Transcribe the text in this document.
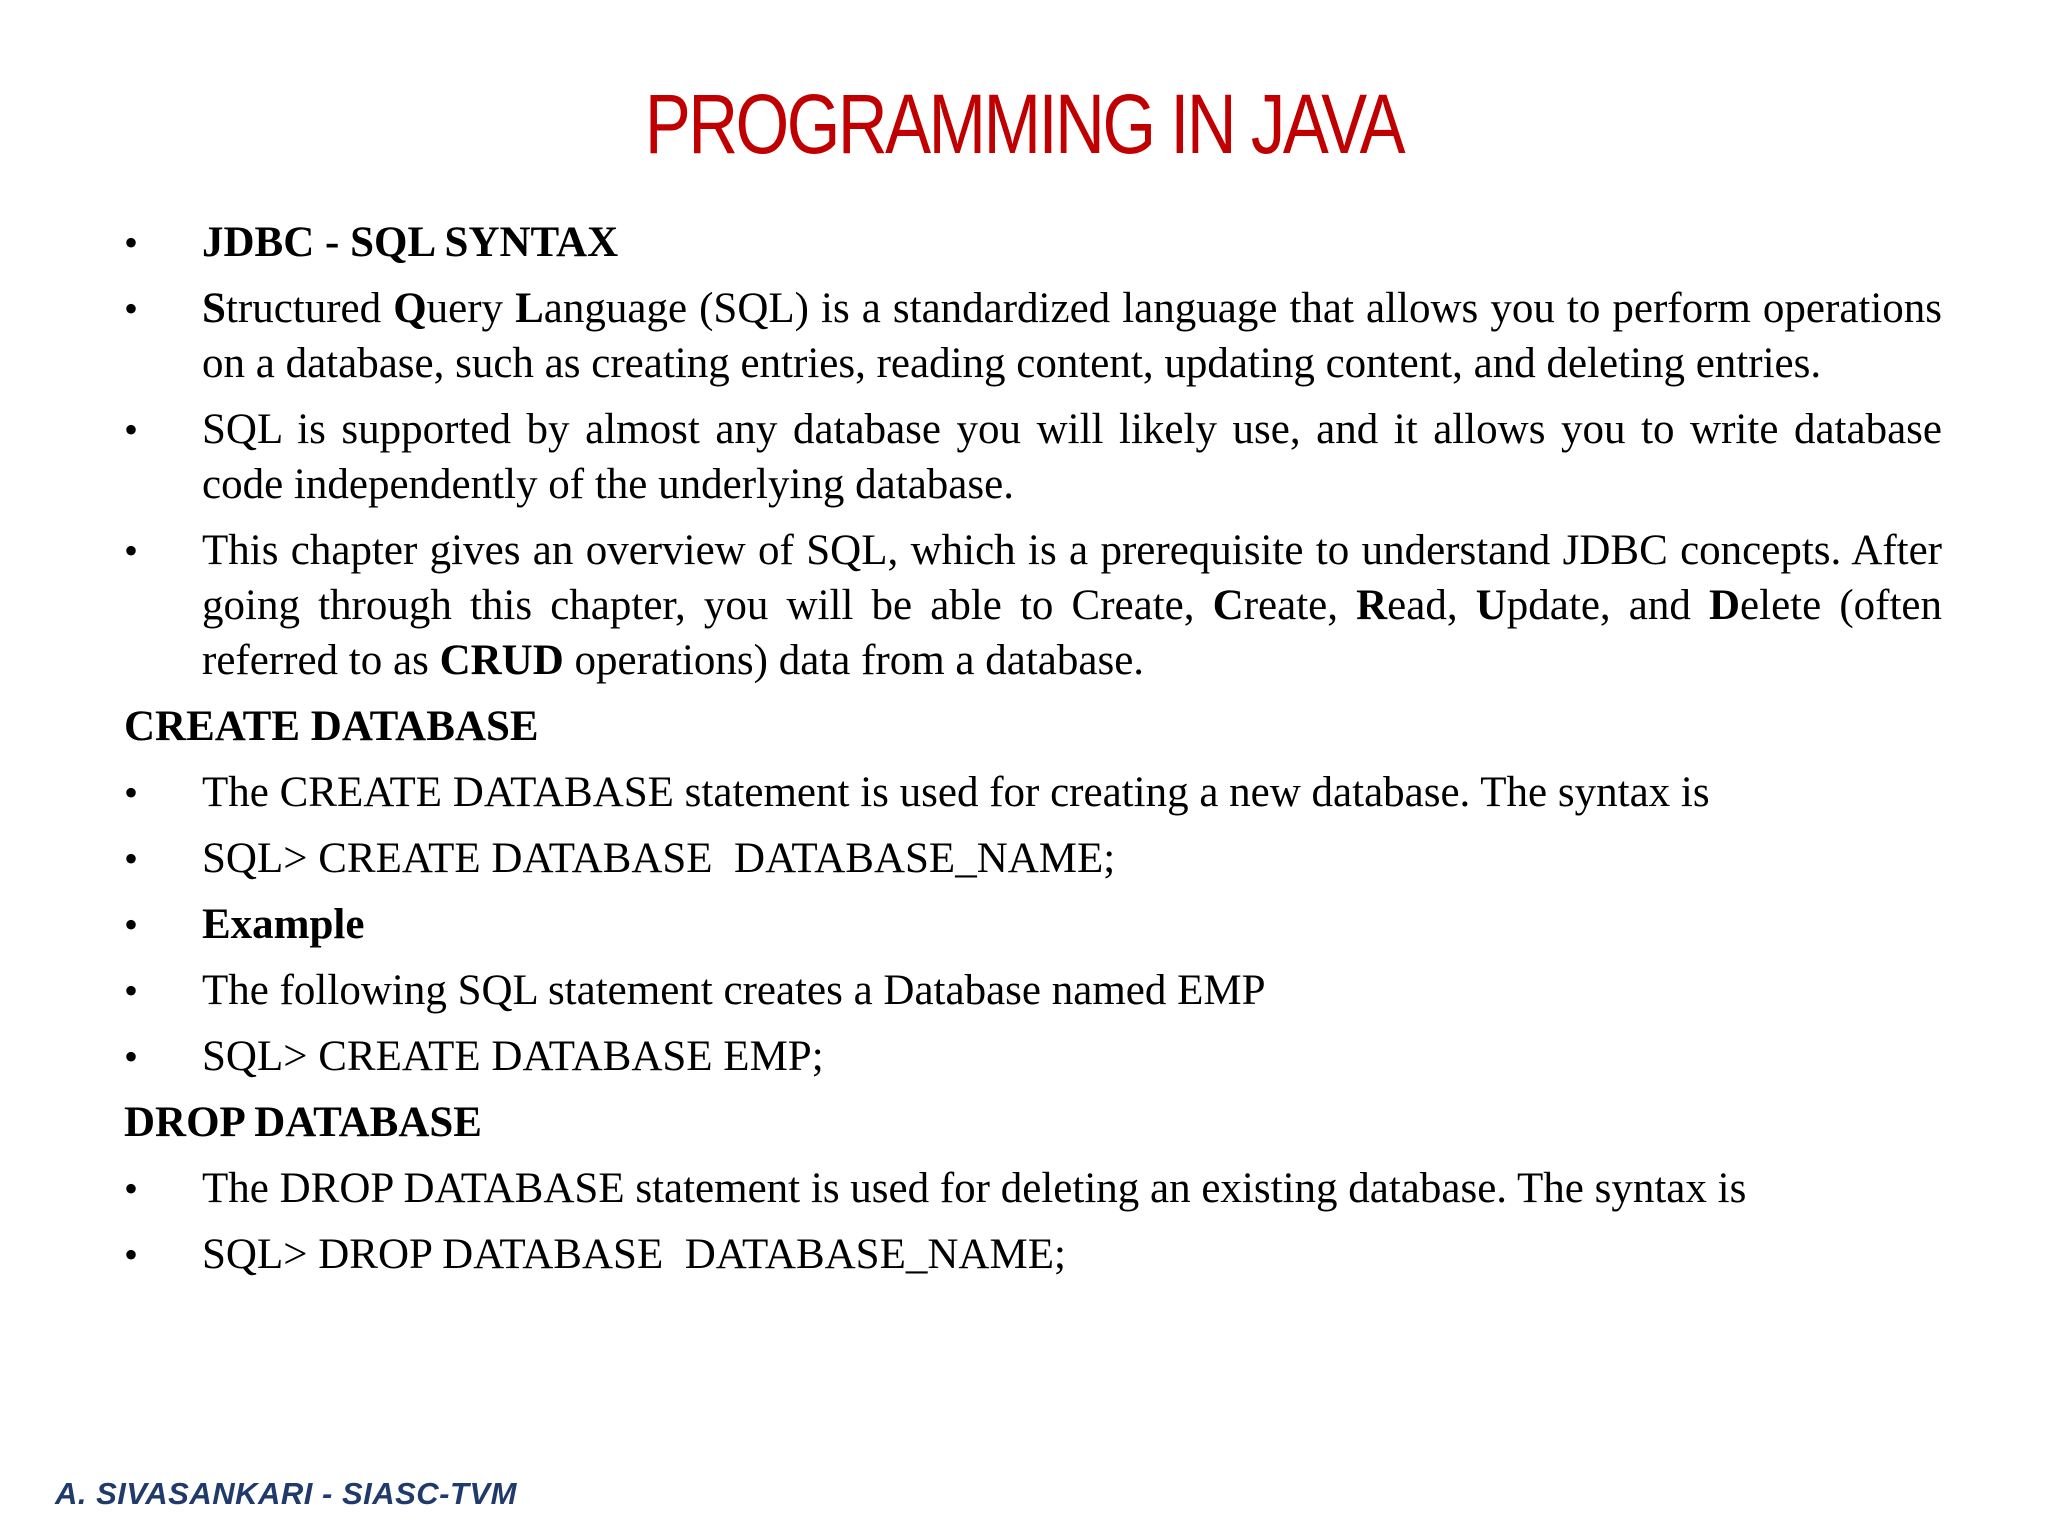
PROGRAMMING IN JAVA
•	JDBC - SQL SYNTAX
•	Structured Query Language (SQL) is a standardized language that allows you to perform operations on a database, such as creating entries, reading content, updating content, and deleting entries.
•	SQL is supported by almost any database you will likely use, and it allows you to write database code independently of the underlying database.
•	This chapter gives an overview of SQL, which is a prerequisite to understand JDBC concepts. After going through this chapter, you will be able to Create, Create, Read, Update, and Delete (often referred to as CRUD operations) data from a database.
CREATE DATABASE
•	The CREATE DATABASE statement is used for creating a new database. The syntax is
•	SQL> CREATE DATABASE  DATABASE_NAME;
•	Example
•	The following SQL statement creates a Database named EMP
•	SQL> CREATE DATABASE EMP;
DROP DATABASE
•	The DROP DATABASE statement is used for deleting an existing database. The syntax is
•	SQL> DROP DATABASE  DATABASE_NAME;
A. SIVASANKARI - SIASC-TVM
